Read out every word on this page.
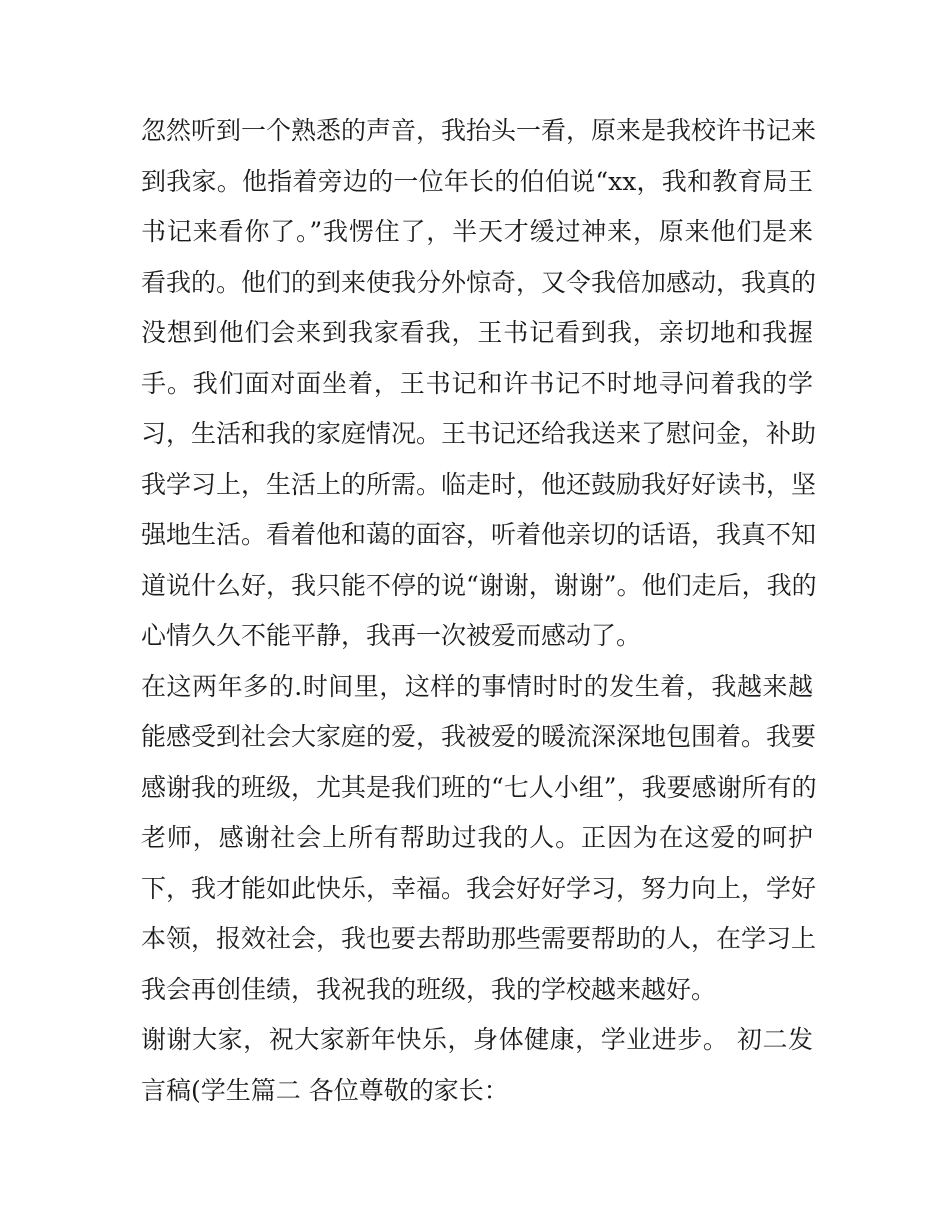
忽然听到一个熟悉的声音，我抬头一看，原来是我校许书记来
到我家。他指着旁边的一位年长的伯伯说“xx，我和教育局王
书记来看你了。”我愣住了，半天才缓过神来，原来他们是来
看我的。他们的到来使我分外惊奇，又令我倍加感动，我真的
没想到他们会来到我家看我，王书记看到我，亲切地和我握
手。我们面对面坐着，王书记和许书记不时地寻问着我的学
习，生活和我的家庭情况。王书记还给我送来了慰问金，补助
我学习上，生活上的所需。临走时，他还鼓励我好好读书，坚
强地生活。看着他和蔼的面容，听着他亲切的话语，我真不知
道说什么好，我只能不停的说“谢谢，谢谢”。他们走后，我的
心情久久不能平静，我再一次被爱而感动了。
在这两年多的.时间里，这样的事情时时的发生着，我越来越
能感受到社会大家庭的爱，我被爱的暖流深深地包围着。我要
感谢我的班级，尤其是我们班的“七人小组”，我要感谢所有的
老师，感谢社会上所有帮助过我的人。正因为在这爱的呵护
下，我才能如此快乐，幸福。我会好好学习，努力向上，学好
本领，报效社会，我也要去帮助那些需要帮助的人，在学习上
我会再创佳绩，我祝我的班级，我的学校越来越好。
谢谢大家，祝大家新年快乐，身体健康，学业进步。 初二发
言稿(学生篇二 各位尊敬的家长：
